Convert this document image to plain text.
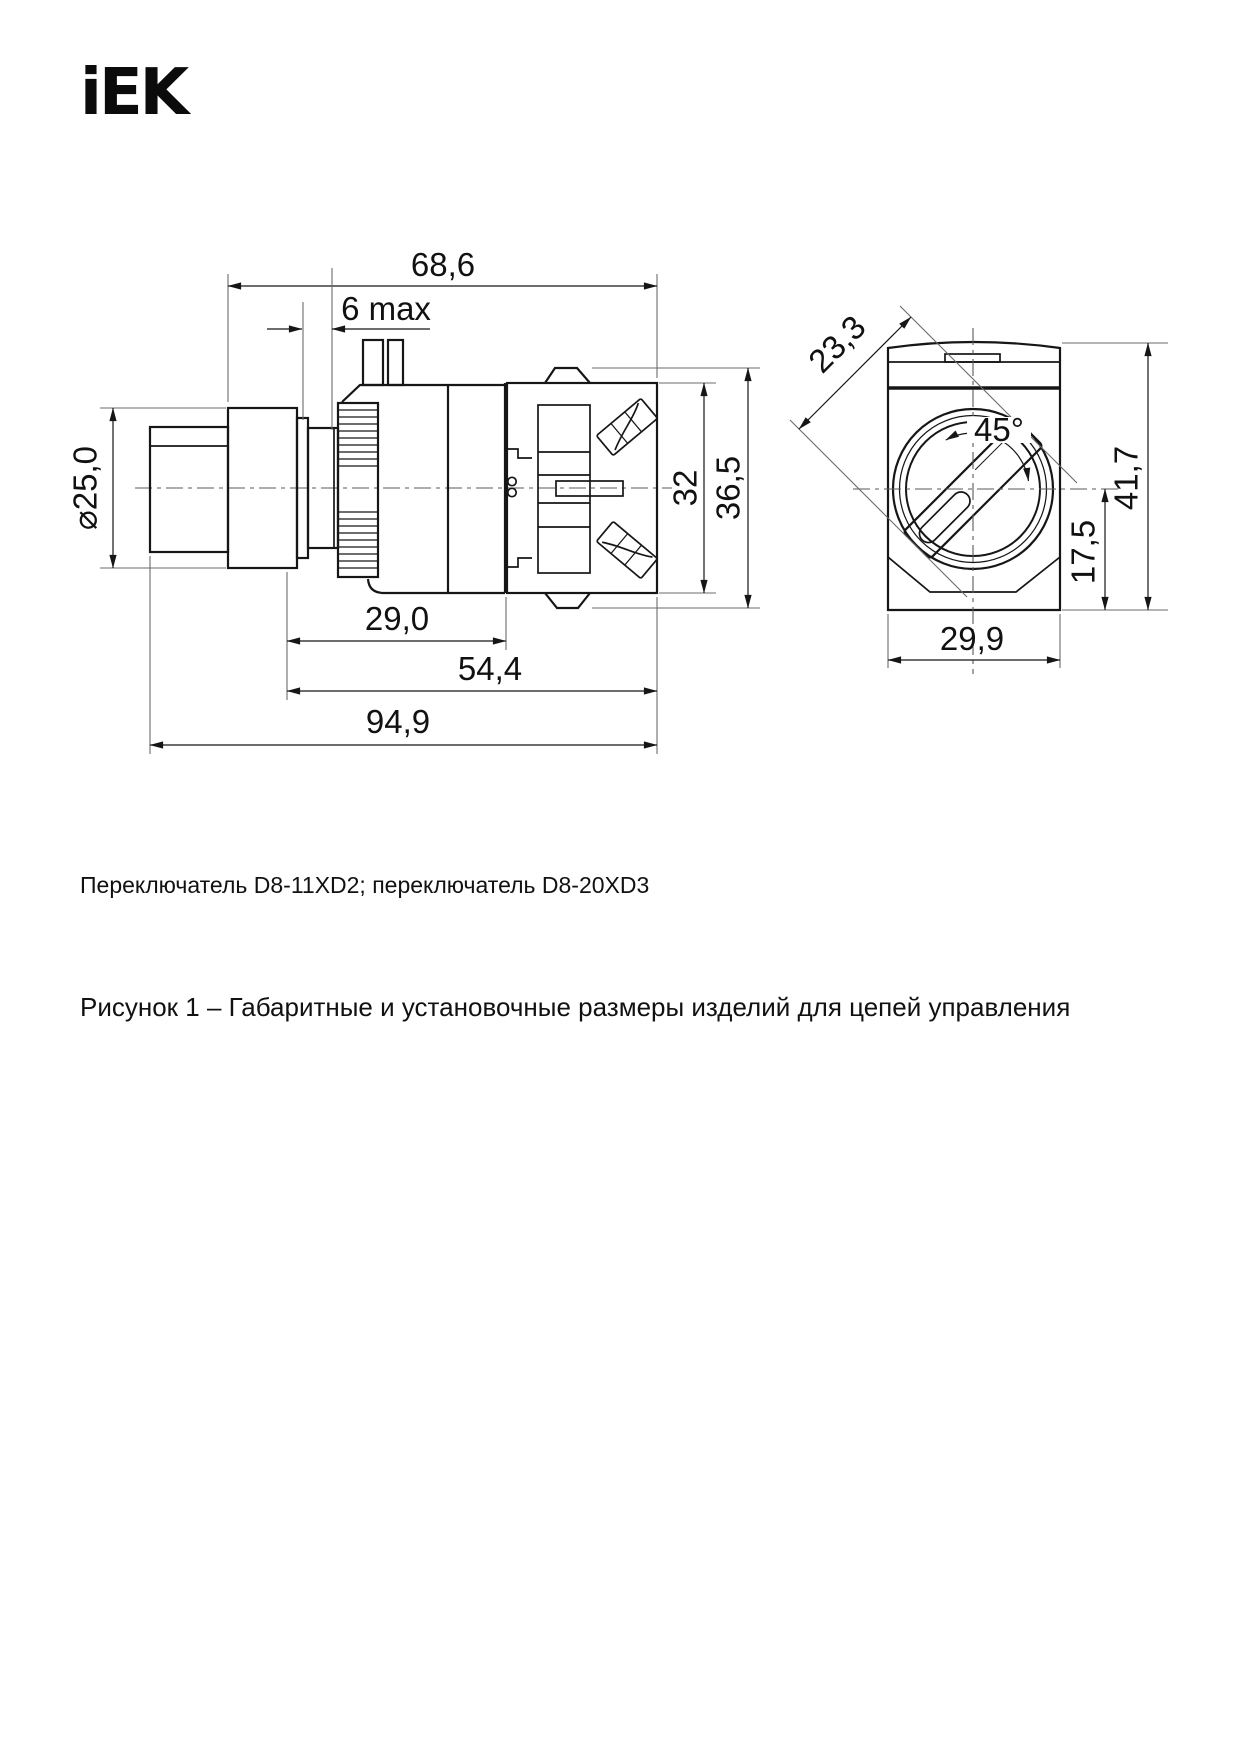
iEK
68,6
6 max
⌀25,0	32 36,5
29,0
54,4
94,9
23,3
45°
17,5
41,7
29,9
Переключатель D8-11XD2; переключатель D8-20XD3
Рисунок 1 – Габаритные и установочные размеры изделий для цепей управления
